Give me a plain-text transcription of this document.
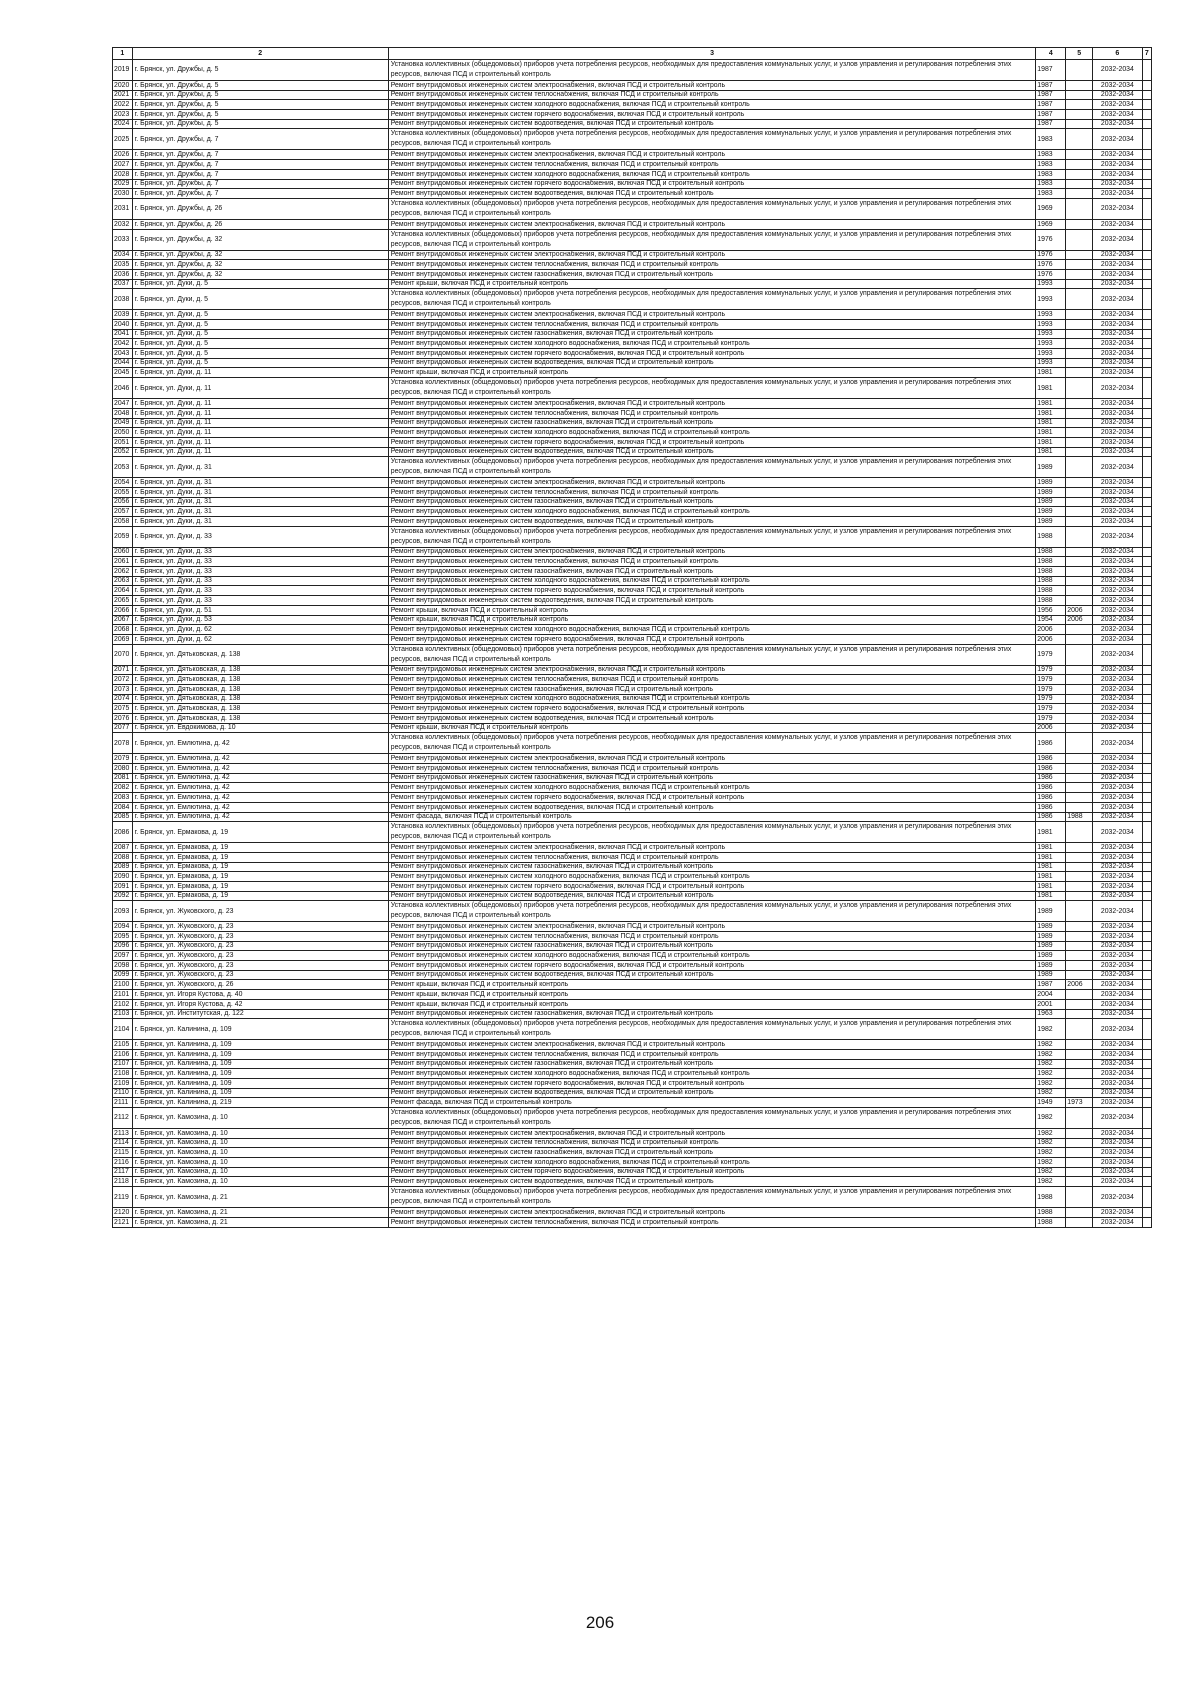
1	2	3	4	5	6	7
2019	г. Брянск, ул. Дружбы, д. 5	Установка коллективных (общедомовых) приборов учета потребления ресурсов, необходимых для предоставления коммунальных услуг, и узлов управления и регулирования потребления этих ресурсов, включая ПСД и строительный контроль	1987		2032-2034	
2020	г. Брянск, ул. Дружбы, д. 5	Ремонт внутридомовых инженерных систем электроснабжения, включая ПСД и строительный контроль	1987		2032-2034	
2021	г. Брянск, ул. Дружбы, д. 5	Ремонт внутридомовых инженерных систем теплоснабжения, включая ПСД и строительный контроль	1987		2032-2034	
2022	г. Брянск, ул. Дружбы, д. 5	Ремонт внутридомовых инженерных систем холодного водоснабжения, включая ПСД и строительный контроль	1987		2032-2034	
2023	г. Брянск, ул. Дружбы, д. 5	Ремонт внутридомовых инженерных систем горячего водоснабжения, включая ПСД и строительный контроль	1987		2032-2034	
2024	г. Брянск, ул. Дружбы, д. 5	Ремонт внутридомовых инженерных систем водоотведения, включая ПСД и строительный контроль	1987		2032-2034	
2025	г. Брянск, ул. Дружбы, д. 7	Установка коллективных (общедомовых) приборов учета потребления ресурсов, необходимых для предоставления коммунальных услуг, и узлов управления и регулирования потребления этих ресурсов, включая ПСД и строительный контроль	1983		2032-2034	
2026	г. Брянск, ул. Дружбы, д. 7	Ремонт внутридомовых инженерных систем электроснабжения, включая ПСД и строительный контроль	1983		2032-2034	
2027	г. Брянск, ул. Дружбы, д. 7	Ремонт внутридомовых инженерных систем теплоснабжения, включая ПСД и строительный контроль	1983		2032-2034	
2028	г. Брянск, ул. Дружбы, д. 7	Ремонт внутридомовых инженерных систем холодного водоснабжения, включая ПСД и строительный контроль	1983		2032-2034	
2029	г. Брянск, ул. Дружбы, д. 7	Ремонт внутридомовых инженерных систем горячего водоснабжения, включая ПСД и строительный контроль	1983		2032-2034	
2030	г. Брянск, ул. Дружбы, д. 7	Ремонт внутридомовых инженерных систем водоотведения, включая ПСД и строительный контроль	1983		2032-2034	
2031	г. Брянск, ул. Дружбы, д. 26	Установка коллективных (общедомовых) приборов учета потребления ресурсов, необходимых для предоставления коммунальных услуг, и узлов управления и регулирования потребления этих ресурсов, включая ПСД и строительный контроль	1969		2032-2034	
2032	г. Брянск, ул. Дружбы, д. 26	Ремонт внутридомовых инженерных систем электроснабжения, включая ПСД и строительный контроль	1969		2032-2034	
2033	г. Брянск, ул. Дружбы, д. 32	Установка коллективных (общедомовых) приборов учета потребления ресурсов, необходимых для предоставления коммунальных услуг, и узлов управления и регулирования потребления этих ресурсов, включая ПСД и строительный контроль	1976		2032-2034	
2034	г. Брянск, ул. Дружбы, д. 32	Ремонт внутридомовых инженерных систем электроснабжения, включая ПСД и строительный контроль	1976		2032-2034	
2035	г. Брянск, ул. Дружбы, д. 32	Ремонт внутридомовых инженерных систем теплоснабжения, включая ПСД и строительный контроль	1976		2032-2034	
2036	г. Брянск, ул. Дружбы, д. 32	Ремонт внутридомовых инженерных систем газоснабжения, включая ПСД и строительный контроль	1976		2032-2034	
2037	г. Брянск, ул. Дуки, д. 5	Ремонт крыши, включая ПСД и строительный контроль	1993		2032-2034	
2038	г. Брянск, ул. Дуки, д. 5	Установка коллективных (общедомовых) приборов учета потребления ресурсов, необходимых для предоставления коммунальных услуг, и узлов управления и регулирования потребления этих ресурсов, включая ПСД и строительный контроль	1993		2032-2034	
2039	г. Брянск, ул. Дуки, д. 5	Ремонт внутридомовых инженерных систем электроснабжения, включая ПСД и строительный контроль	1993		2032-2034	
2040	г. Брянск, ул. Дуки, д. 5	Ремонт внутридомовых инженерных систем теплоснабжения, включая ПСД и строительный контроль	1993		2032-2034	
2041	г. Брянск, ул. Дуки, д. 5	Ремонт внутридомовых инженерных систем газоснабжения, включая ПСД и строительный контроль	1993		2032-2034	
2042	г. Брянск, ул. Дуки, д. 5	Ремонт внутридомовых инженерных систем холодного водоснабжения, включая ПСД и строительный контроль	1993		2032-2034	
2043	г. Брянск, ул. Дуки, д. 5	Ремонт внутридомовых инженерных систем горячего водоснабжения, включая ПСД и строительный контроль	1993		2032-2034	
2044	г. Брянск, ул. Дуки, д. 5	Ремонт внутридомовых инженерных систем водоотведения, включая ПСД и строительный контроль	1993		2032-2034	
2045	г. Брянск, ул. Дуки, д. 11	Ремонт крыши, включая ПСД и строительный контроль	1981		2032-2034	
2046	г. Брянск, ул. Дуки, д. 11	Установка коллективных (общедомовых) приборов учета потребления ресурсов, необходимых для предоставления коммунальных услуг, и узлов управления и регулирования потребления этих ресурсов, включая ПСД и строительный контроль	1981		2032-2034	
2047	г. Брянск, ул. Дуки, д. 11	Ремонт внутридомовых инженерных систем электроснабжения, включая ПСД и строительный контроль	1981		2032-2034	
2048	г. Брянск, ул. Дуки, д. 11	Ремонт внутридомовых инженерных систем теплоснабжения, включая ПСД и строительный контроль	1981		2032-2034	
2049	г. Брянск, ул. Дуки, д. 11	Ремонт внутридомовых инженерных систем газоснабжения, включая ПСД и строительный контроль	1981		2032-2034	
2050	г. Брянск, ул. Дуки, д. 11	Ремонт внутридомовых инженерных систем холодного водоснабжения, включая ПСД и строительный контроль	1981		2032-2034	
2051	г. Брянск, ул. Дуки, д. 11	Ремонт внутридомовых инженерных систем горячего водоснабжения, включая ПСД и строительный контроль	1981		2032-2034	
2052	г. Брянск, ул. Дуки, д. 11	Ремонт внутридомовых инженерных систем водоотведения, включая ПСД и строительный контроль	1981		2032-2034	
2053	г. Брянск, ул. Дуки, д. 31	Установка коллективных (общедомовых) приборов учета потребления ресурсов, необходимых для предоставления коммунальных услуг, и узлов управления и регулирования потребления этих ресурсов, включая ПСД и строительный контроль	1989		2032-2034	
2054	г. Брянск, ул. Дуки, д. 31	Ремонт внутридомовых инженерных систем электроснабжения, включая ПСД и строительный контроль	1989		2032-2034	
2055	г. Брянск, ул. Дуки, д. 31	Ремонт внутридомовых инженерных систем теплоснабжения, включая ПСД и строительный контроль	1989		2032-2034	
2056	г. Брянск, ул. Дуки, д. 31	Ремонт внутридомовых инженерных систем газоснабжения, включая ПСД и строительный контроль	1989		2032-2034	
2057	г. Брянск, ул. Дуки, д. 31	Ремонт внутридомовых инженерных систем холодного водоснабжения, включая ПСД и строительный контроль	1989		2032-2034	
2058	г. Брянск, ул. Дуки, д. 31	Ремонт внутридомовых инженерных систем водоотведения, включая ПСД и строительный контроль	1989		2032-2034	
2059	г. Брянск, ул. Дуки, д. 33	Установка коллективных (общедомовых) приборов учета потребления ресурсов, необходимых для предоставления коммунальных услуг, и узлов управления и регулирования потребления этих ресурсов, включая ПСД и строительный контроль	1988		2032-2034	
2060	г. Брянск, ул. Дуки, д. 33	Ремонт внутридомовых инженерных систем электроснабжения, включая ПСД и строительный контроль	1988		2032-2034	
2061	г. Брянск, ул. Дуки, д. 33	Ремонт внутридомовых инженерных систем теплоснабжения, включая ПСД и строительный контроль	1988		2032-2034	
2062	г. Брянск, ул. Дуки, д. 33	Ремонт внутридомовых инженерных систем газоснабжения, включая ПСД и строительный контроль	1988		2032-2034	
2063	г. Брянск, ул. Дуки, д. 33	Ремонт внутридомовых инженерных систем холодного водоснабжения, включая ПСД и строительный контроль	1988		2032-2034	
2064	г. Брянск, ул. Дуки, д. 33	Ремонт внутридомовых инженерных систем горячего водоснабжения, включая ПСД и строительный контроль	1988		2032-2034	
2065	г. Брянск, ул. Дуки, д. 33	Ремонт внутридомовых инженерных систем водоотведения, включая ПСД и строительный контроль	1988		2032-2034	
2066	г. Брянск, ул. Дуки, д. 51	Ремонт крыши, включая ПСД и строительный контроль	1956	2006	2032-2034	
2067	г. Брянск, ул. Дуки, д. 53	Ремонт крыши, включая ПСД и строительный контроль	1954	2006	2032-2034	
2068	г. Брянск, ул. Дуки, д. 62	Ремонт внутридомовых инженерных систем холодного водоснабжения, включая ПСД и строительный контроль	2006		2032-2034	
2069	г. Брянск, ул. Дуки, д. 62	Ремонт внутридомовых инженерных систем горячего водоснабжения, включая ПСД и строительный контроль	2006		2032-2034	
2070	г. Брянск, ул. Дятьковская, д. 138	Установка коллективных (общедомовых) приборов учета потребления ресурсов, необходимых для предоставления коммунальных услуг, и узлов управления и регулирования потребления этих ресурсов, включая ПСД и строительный контроль	1979		2032-2034	
2071	г. Брянск, ул. Дятьковская, д. 138	Ремонт внутридомовых инженерных систем электроснабжения, включая ПСД и строительный контроль	1979		2032-2034	
2072	г. Брянск, ул. Дятьковская, д. 138	Ремонт внутридомовых инженерных систем теплоснабжения, включая ПСД и строительный контроль	1979		2032-2034	
2073	г. Брянск, ул. Дятьковская, д. 138	Ремонт внутридомовых инженерных систем газоснабжения, включая ПСД и строительный контроль	1979		2032-2034	
2074	г. Брянск, ул. Дятьковская, д. 138	Ремонт внутридомовых инженерных систем холодного водоснабжения, включая ПСД и строительный контроль	1979		2032-2034	
2075	г. Брянск, ул. Дятьковская, д. 138	Ремонт внутридомовых инженерных систем горячего водоснабжения, включая ПСД и строительный контроль	1979		2032-2034	
2076	г. Брянск, ул. Дятьковская, д. 138	Ремонт внутридомовых инженерных систем водоотведения, включая ПСД и строительный контроль	1979		2032-2034	
2077	г. Брянск, ул. Евдокимова, д. 10	Ремонт крыши, включая ПСД и строительный контроль	2006		2032-2034	
2078	г. Брянск, ул. Емлютина, д. 42	Установка коллективных (общедомовых) приборов учета потребления ресурсов, необходимых для предоставления коммунальных услуг, и узлов управления и регулирования потребления этих ресурсов, включая ПСД и строительный контроль	1986		2032-2034	
2079	г. Брянск, ул. Емлютина, д. 42	Ремонт внутридомовых инженерных систем электроснабжения, включая ПСД и строительный контроль	1986		2032-2034	
2080	г. Брянск, ул. Емлютина, д. 42	Ремонт внутридомовых инженерных систем теплоснабжения, включая ПСД и строительный контроль	1986		2032-2034	
2081	г. Брянск, ул. Емлютина, д. 42	Ремонт внутридомовых инженерных систем газоснабжения, включая ПСД и строительный контроль	1986		2032-2034	
2082	г. Брянск, ул. Емлютина, д. 42	Ремонт внутридомовых инженерных систем холодного водоснабжения, включая ПСД и строительный контроль	1986		2032-2034	
2083	г. Брянск, ул. Емлютина, д. 42	Ремонт внутридомовых инженерных систем горячего водоснабжения, включая ПСД и строительный контроль	1986		2032-2034	
2084	г. Брянск, ул. Емлютина, д. 42	Ремонт внутридомовых инженерных систем водоотведения, включая ПСД и строительный контроль	1986		2032-2034	
2085	г. Брянск, ул. Емлютина, д. 42	Ремонт фасада, включая ПСД и строительный контроль	1986	1988	2032-2034	
2086	г. Брянск, ул. Ермакова, д. 19	Установка коллективных (общедомовых) приборов учета потребления ресурсов, необходимых для предоставления коммунальных услуг, и узлов управления и регулирования потребления этих ресурсов, включая ПСД и строительный контроль	1981		2032-2034	
2087	г. Брянск, ул. Ермакова, д. 19	Ремонт внутридомовых инженерных систем электроснабжения, включая ПСД и строительный контроль	1981		2032-2034	
2088	г. Брянск, ул. Ермакова, д. 19	Ремонт внутридомовых инженерных систем теплоснабжения, включая ПСД и строительный контроль	1981		2032-2034	
2089	г. Брянск, ул. Ермакова, д. 19	Ремонт внутридомовых инженерных систем газоснабжения, включая ПСД и строительный контроль	1981		2032-2034	
2090	г. Брянск, ул. Ермакова, д. 19	Ремонт внутридомовых инженерных систем холодного водоснабжения, включая ПСД и строительный контроль	1981		2032-2034	
2091	г. Брянск, ул. Ермакова, д. 19	Ремонт внутридомовых инженерных систем горячего водоснабжения, включая ПСД и строительный контроль	1981		2032-2034	
2092	г. Брянск, ул. Ермакова, д. 19	Ремонт внутридомовых инженерных систем водоотведения, включая ПСД и строительный контроль	1981		2032-2034	
2093	г. Брянск, ул. Жуковского, д. 23	Установка коллективных (общедомовых) приборов учета потребления ресурсов, необходимых для предоставления коммунальных услуг, и узлов управления и регулирования потребления этих ресурсов, включая ПСД и строительный контроль	1989		2032-2034	
2094	г. Брянск, ул. Жуковского, д. 23	Ремонт внутридомовых инженерных систем электроснабжения, включая ПСД и строительный контроль	1989		2032-2034	
2095	г. Брянск, ул. Жуковского, д. 23	Ремонт внутридомовых инженерных систем теплоснабжения, включая ПСД и строительный контроль	1989		2032-2034	
2096	г. Брянск, ул. Жуковского, д. 23	Ремонт внутридомовых инженерных систем газоснабжения, включая ПСД и строительный контроль	1989		2032-2034	
2097	г. Брянск, ул. Жуковского, д. 23	Ремонт внутридомовых инженерных систем холодного водоснабжения, включая ПСД и строительный контроль	1989		2032-2034	
2098	г. Брянск, ул. Жуковского, д. 23	Ремонт внутридомовых инженерных систем горячего водоснабжения, включая ПСД и строительный контроль	1989		2032-2034	
2099	г. Брянск, ул. Жуковского, д. 23	Ремонт внутридомовых инженерных систем водоотведения, включая ПСД и строительный контроль	1989		2032-2034	
2100	г. Брянск, ул. Жуковского, д. 26	Ремонт крыши, включая ПСД и строительный контроль	1987	2006	2032-2034	
2101	г. Брянск, ул. Игоря Кустова, д. 40	Ремонт крыши, включая ПСД и строительный контроль	2004		2032-2034	
2102	г. Брянск, ул. Игоря Кустова, д. 42	Ремонт крыши, включая ПСД и строительный контроль	2001		2032-2034	
2103	г. Брянск, ул. Институтская, д. 122	Ремонт внутридомовых инженерных систем газоснабжения, включая ПСД и строительный контроль	1963		2032-2034	
2104	г. Брянск, ул. Калинина, д. 109	Установка коллективных (общедомовых) приборов учета потребления ресурсов, необходимых для предоставления коммунальных услуг, и узлов управления и регулирования потребления этих ресурсов, включая ПСД и строительный контроль	1982		2032-2034	
2105	г. Брянск, ул. Калинина, д. 109	Ремонт внутридомовых инженерных систем электроснабжения, включая ПСД и строительный контроль	1982		2032-2034	
2106	г. Брянск, ул. Калинина, д. 109	Ремонт внутридомовых инженерных систем теплоснабжения, включая ПСД и строительный контроль	1982		2032-2034	
2107	г. Брянск, ул. Калинина, д. 109	Ремонт внутридомовых инженерных систем газоснабжения, включая ПСД и строительный контроль	1982		2032-2034	
2108	г. Брянск, ул. Калинина, д. 109	Ремонт внутридомовых инженерных систем холодного водоснабжения, включая ПСД и строительный контроль	1982		2032-2034	
2109	г. Брянск, ул. Калинина, д. 109	Ремонт внутридомовых инженерных систем горячего водоснабжения, включая ПСД и строительный контроль	1982		2032-2034	
2110	г. Брянск, ул. Калинина, д. 109	Ремонт внутридомовых инженерных систем водоотведения, включая ПСД и строительный контроль	1982		2032-2034	
2111	г. Брянск, ул. Калинина, д. 219	Ремонт фасада, включая ПСД и строительный контроль	1949	1973	2032-2034	
2112	г. Брянск, ул. Камозина, д. 10	Установка коллективных (общедомовых) приборов учета потребления ресурсов, необходимых для предоставления коммунальных услуг, и узлов управления и регулирования потребления этих ресурсов, включая ПСД и строительный контроль	1982		2032-2034	
2113	г. Брянск, ул. Камозина, д. 10	Ремонт внутридомовых инженерных систем электроснабжения, включая ПСД и строительный контроль	1982		2032-2034	
2114	г. Брянск, ул. Камозина, д. 10	Ремонт внутридомовых инженерных систем теплоснабжения, включая ПСД и строительный контроль	1982		2032-2034	
2115	г. Брянск, ул. Камозина, д. 10	Ремонт внутридомовых инженерных систем газоснабжения, включая ПСД и строительный контроль	1982		2032-2034	
2116	г. Брянск, ул. Камозина, д. 10	Ремонт внутридомовых инженерных систем холодного водоснабжения, включая ПСД и строительный контроль	1982		2032-2034	
2117	г. Брянск, ул. Камозина, д. 10	Ремонт внутридомовых инженерных систем горячего водоснабжения, включая ПСД и строительный контроль	1982		2032-2034	
2118	г. Брянск, ул. Камозина, д. 10	Ремонт внутридомовых инженерных систем водоотведения, включая ПСД и строительный контроль	1982		2032-2034	
2119	г. Брянск, ул. Камозина, д. 21	Установка коллективных (общедомовых) приборов учета потребления ресурсов, необходимых для предоставления коммунальных услуг, и узлов управления и регулирования потребления этих ресурсов, включая ПСД и строительный контроль	1988		2032-2034	
2120	г. Брянск, ул. Камозина, д. 21	Ремонт внутридомовых инженерных систем электроснабжения, включая ПСД и строительный контроль	1988		2032-2034	
2121	г. Брянск, ул. Камозина, д. 21	Ремонт внутридомовых инженерных систем теплоснабжения, включая ПСД и строительный контроль	1988		2032-2034	
206
